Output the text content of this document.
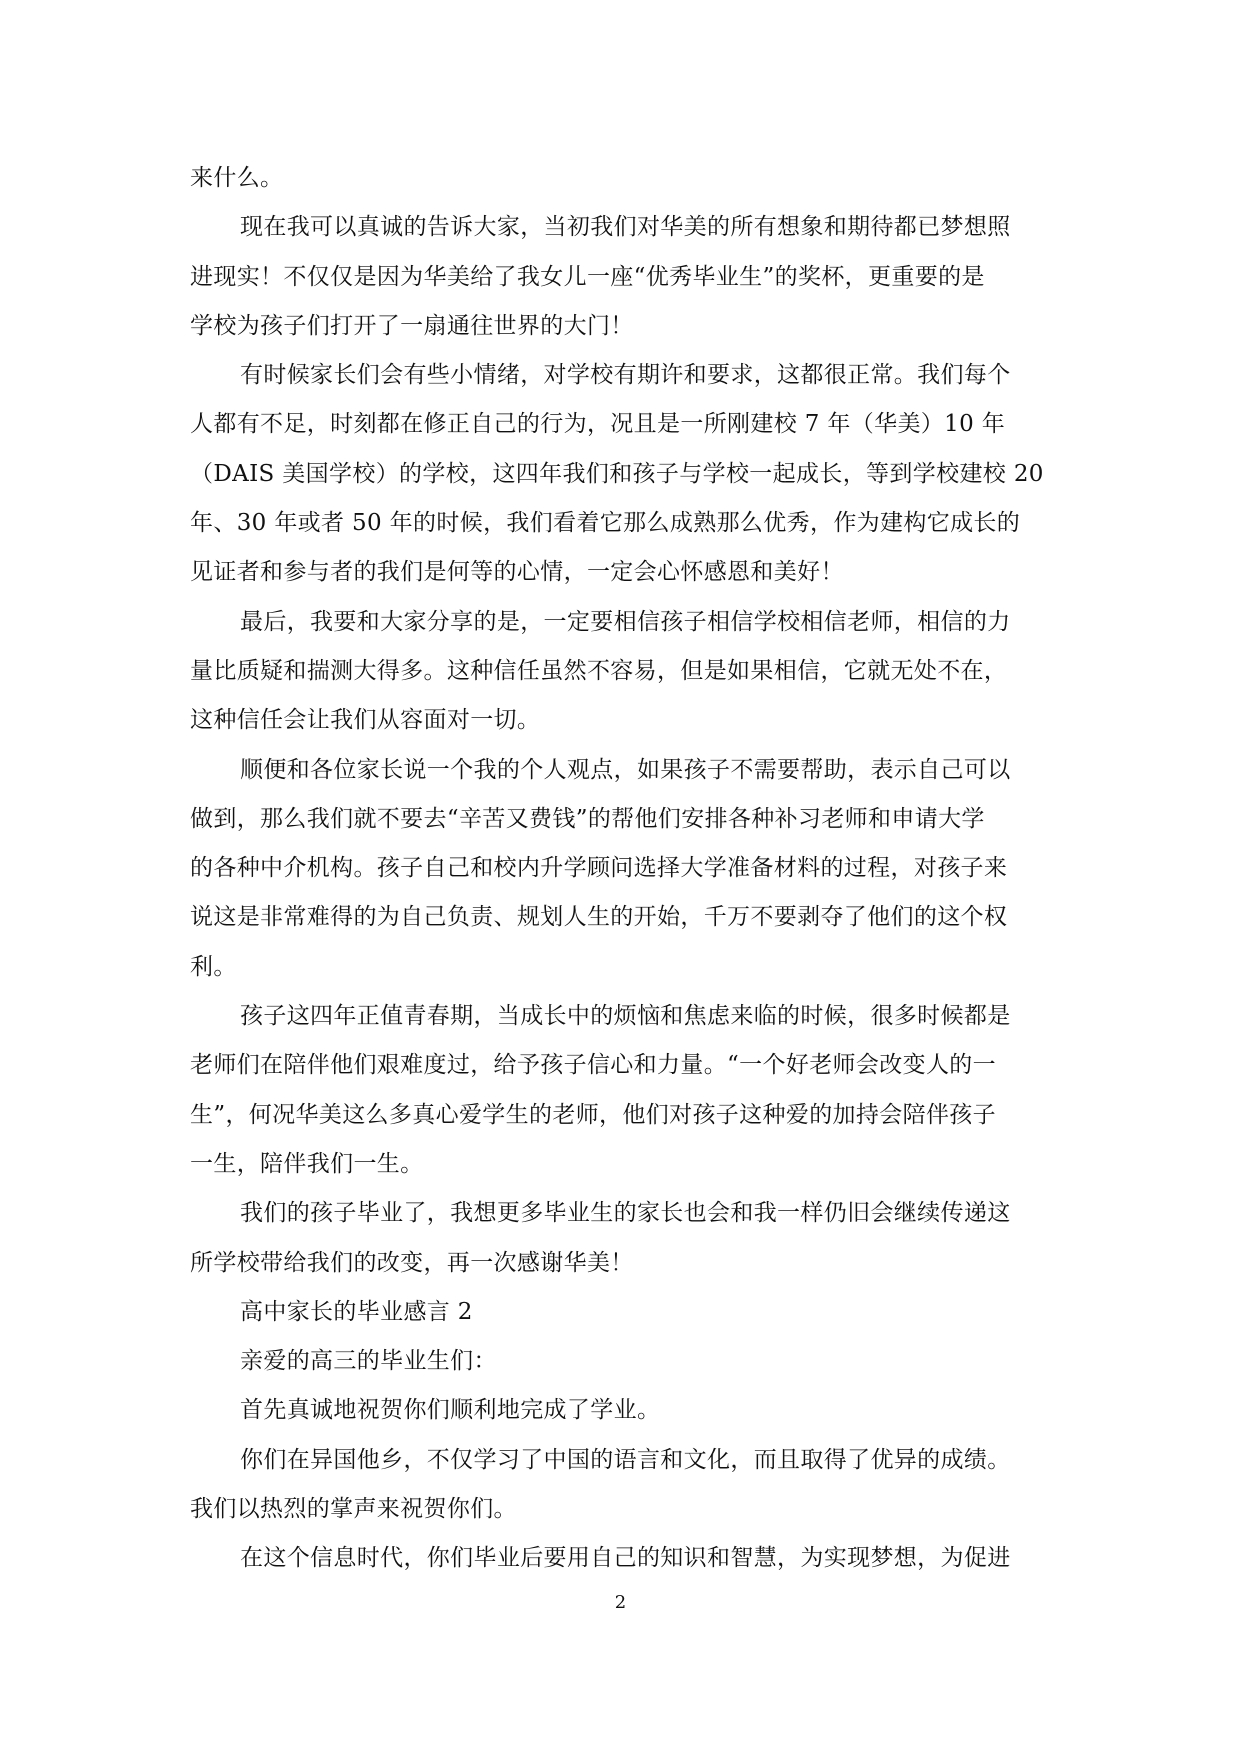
来什么。
现在我可以真诚的告诉大家，当初我们对华美的所有想象和期待都已梦想照
进现实！不仅仅是因为华美给了我女儿一座“优秀毕业生”的奖杯，更重要的是
学校为孩子们打开了一扇通往世界的大门！
有时候家长们会有些小情绪，对学校有期许和要求，这都很正常。我们每个
人都有不足，时刻都在修正自己的行为，况且是一所刚建校 7 年（华美）10 年
（DAIS 美国学校）的学校，这四年我们和孩子与学校一起成长，等到学校建校 20
年、30 年或者 50 年的时候，我们看着它那么成熟那么优秀，作为建构它成长的
见证者和参与者的我们是何等的心情，一定会心怀感恩和美好！
最后，我要和大家分享的是，一定要相信孩子相信学校相信老师，相信的力
量比质疑和揣测大得多。这种信任虽然不容易，但是如果相信，它就无处不在，
这种信任会让我们从容面对一切。
顺便和各位家长说一个我的个人观点，如果孩子不需要帮助，表示自己可以
做到，那么我们就不要去“辛苦又费钱”的帮他们安排各种补习老师和申请大学
的各种中介机构。孩子自己和校内升学顾问选择大学准备材料的过程，对孩子来
说这是非常难得的为自己负责、规划人生的开始，千万不要剥夺了他们的这个权
利。
孩子这四年正值青春期，当成长中的烦恼和焦虑来临的时候，很多时候都是
老师们在陪伴他们艰难度过，给予孩子信心和力量。“一个好老师会改变人的一
生”，何况华美这么多真心爱学生的老师，他们对孩子这种爱的加持会陪伴孩子
一生，陪伴我们一生。
我们的孩子毕业了，我想更多毕业生的家长也会和我一样仍旧会继续传递这
所学校带给我们的改变，再一次感谢华美！
高中家长的毕业感言 2
亲爱的高三的毕业生们：
首先真诚地祝贺你们顺利地完成了学业。
你们在异国他乡，不仅学习了中国的语言和文化，而且取得了优异的成绩。
我们以热烈的掌声来祝贺你们。
在这个信息时代，你们毕业后要用自己的知识和智慧，为实现梦想，为促进
2
